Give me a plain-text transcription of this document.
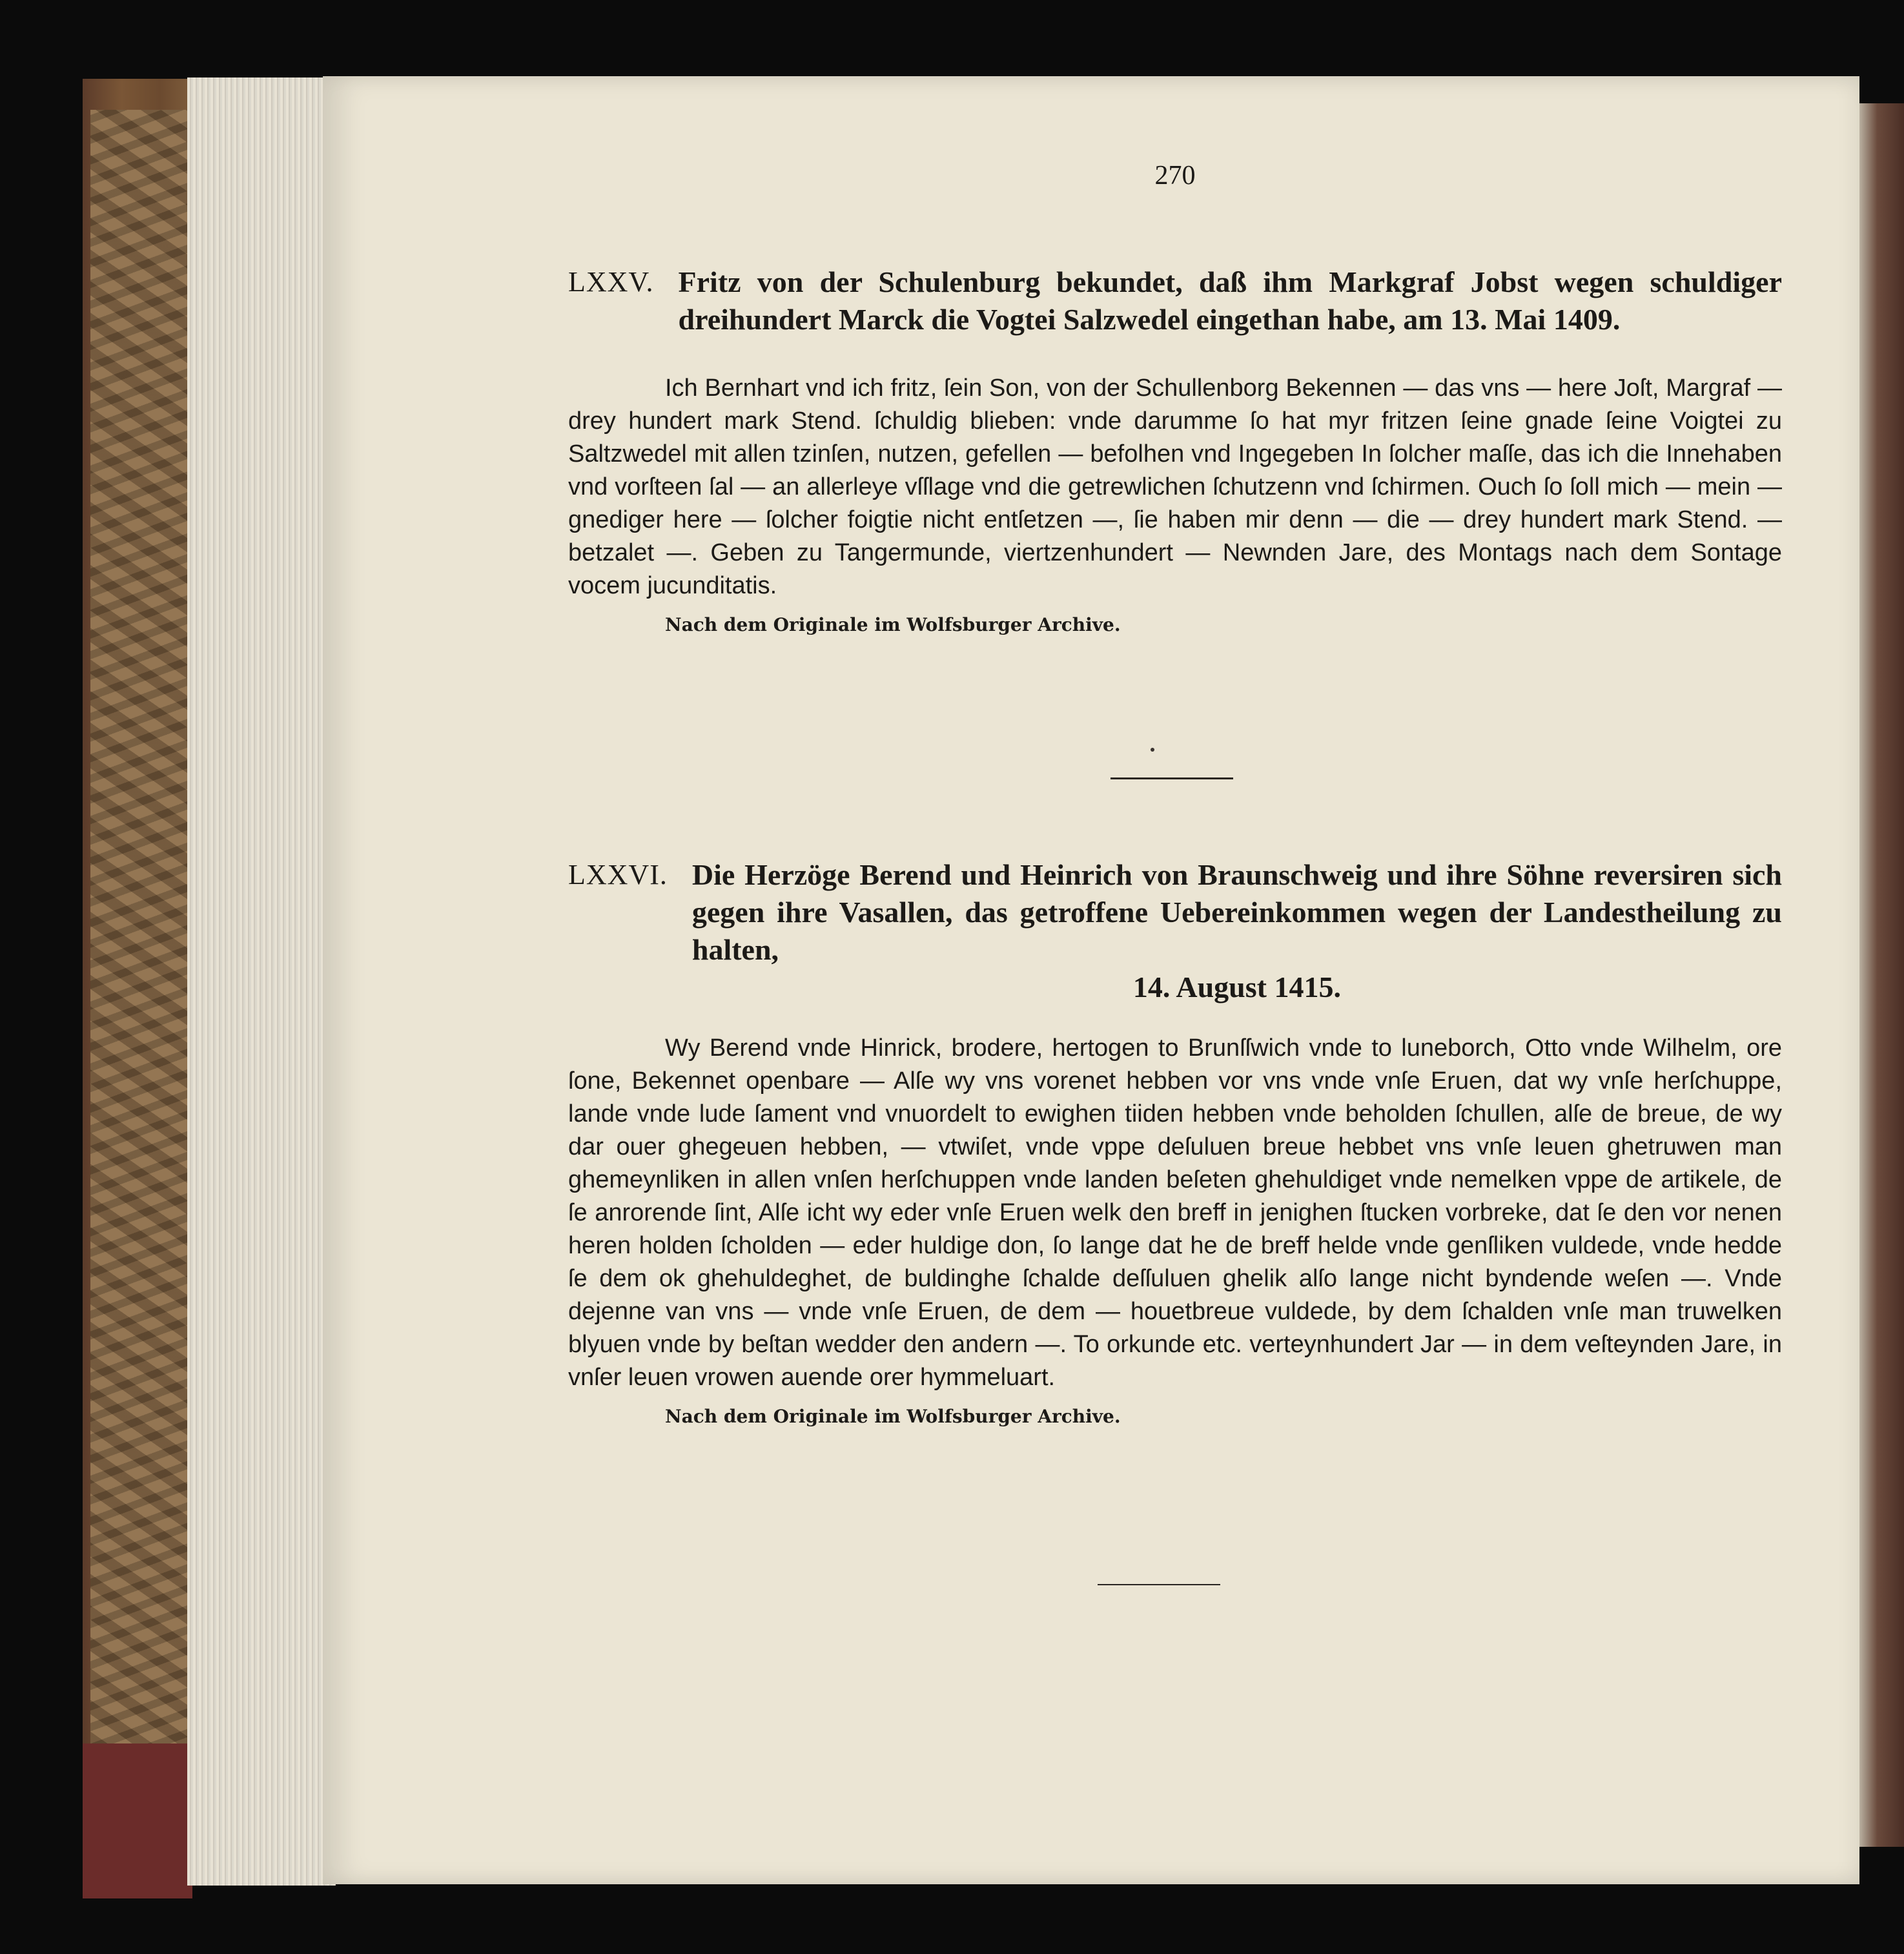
270
LXXV. Fritz von der Schulenburg bekundet, daß ihm Markgraf Jobst wegen schuldiger dreihundert Marck die Vogtei Salzwedel eingethan habe, am 13. Mai 1409.
Ich Bernhart vnd ich fritz, ſein Son, von der Schullenborg Bekennen — das vns — here Joſt, Margraf — drey hundert mark Stend. ſchuldig blieben: vnde darumme ſo hat myr fritzen ſeine gnade ſeine Voigtei zu Saltzwedel mit allen tzinſen, nutzen, gefellen — befolhen vnd Ingegeben In ſolcher maſſe, das ich die Innehaben vnd vorſteen ſal — an allerleye vſſlage vnd die getrewlichen ſchutzenn vnd ſchirmen. Ouch ſo ſoll mich — mein — gnediger here — ſolcher foigtie nicht entſetzen —, ſie haben mir denn — die — drey hundert mark Stend. — betzalet —. Geben zu Tangermunde, viertzenhundert — Newnden Jare, des Montags nach dem Sontage vocem jucunditatis.
Nach dem Originale im Wolfsburger Archive.
LXXVI. Die Herzöge Berend und Heinrich von Braunschweig und ihre Söhne reversiren sich gegen ihre Vasallen, das getroffene Uebereinkommen wegen der Landestheilung zu halten,
14. August 1415.
Wy Berend vnde Hinrick, brodere, hertogen to Brunſſwich vnde to luneborch, Otto vnde Wilhelm, ore ſone, Bekennet openbare — Alſe wy vns vorenet hebben vor vns vnde vnſe Eruen, dat wy vnſe herſchuppe, lande vnde lude ſament vnd vnuordelt to ewighen tiiden hebben vnde beholden ſchullen, alſe de breue, de wy dar ouer ghegeuen hebben, — vtwiſet, vnde vppe deſuluen breue hebbet vns vnſe leuen ghetruwen man ghemeynliken in allen vnſen herſchuppen vnde landen beſeten ghehuldiget vnde nemelken vppe de artikele, de ſe anrorende ſint, Alſe icht wy eder vnſe Eruen welk den breff in jenighen ſtucken vorbreke, dat ſe den vor nenen heren holden ſcholden — eder huldige don, ſo lange dat he de breff helde vnde genſliken vuldede, vnde hedde ſe dem ok ghehuldeghet, de buldinghe ſchalde deſſuluen ghelik alſo lange nicht byndende weſen —. Vnde dejenne van vns — vnde vnſe Eruen, de dem — houetbreue vuldede, by dem ſchalden vnſe man truwelken blyuen vnde by beſtan wedder den andern —. To orkunde etc. verteynhundert Jar — in dem veſteynden Jare, in vnſer leuen vrowen auende orer hymmeluart.
Nach dem Originale im Wolfsburger Archive.
